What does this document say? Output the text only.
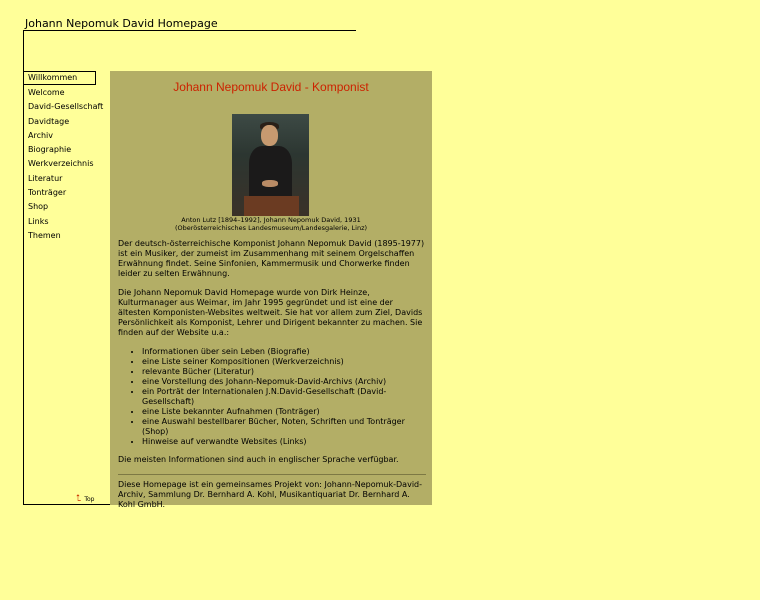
Johann Nepomuk David Homepage
Willkommen
Welcome
David-Gesellschaft
Davidtage
Archiv
Biographie
Werkverzeichnis
Literatur
Tonträger
Shop
Links
Themen
⮤ Top
Johann Nepomuk David - Komponist
Anton Lutz [1894–1992], Johann Nepomuk David, 1931
(Oberösterreichisches Landesmuseum/Landesgalerie, Linz)

Der deutsch-österreichische Komponist Johann Nepomuk David (1895-1977) ist ein Musiker, der zumeist im Zusammenhang mit seinem Orgelschaffen Erwähnung findet. Seine Sinfonien, Kammermusik und Chorwerke finden leider zu selten Erwähnung.

Die Johann Nepomuk David Homepage wurde von Dirk Heinze, Kulturmanager aus Weimar, im Jahr 1995 gegründet und ist eine der ältesten Komponisten-Websites weltweit. Sie hat vor allem zum Ziel, Davids Persönlichkeit als Komponist, Lehrer und Dirigent bekannter zu machen. Sie finden auf der Website u.a.:

• Informationen über sein Leben (Biografie)
• eine Liste seiner Kompositionen (Werkverzeichnis)
• relevante Bücher (Literatur)
• eine Vorstellung des Johann-Nepomuk-David-Archivs (Archiv)
• ein Porträt der Internationalen J.N.David-Gesellschaft (David-Gesellschaft)
• eine Liste bekannter Aufnahmen (Tonträger)
• eine Auswahl bestellbarer Bücher, Noten, Schriften und Tonträger (Shop)
• Hinweise auf verwandte Websites (Links)

Die meisten Informationen sind auch in englischer Sprache verfügbar.

Diese Homepage ist ein gemeinsames Projekt von: Johann-Nepomuk-David-Archiv, Sammlung Dr. Bernhard A. Kohl, Musikantiquariat Dr. Bernhard A. Kohl GmbH.
